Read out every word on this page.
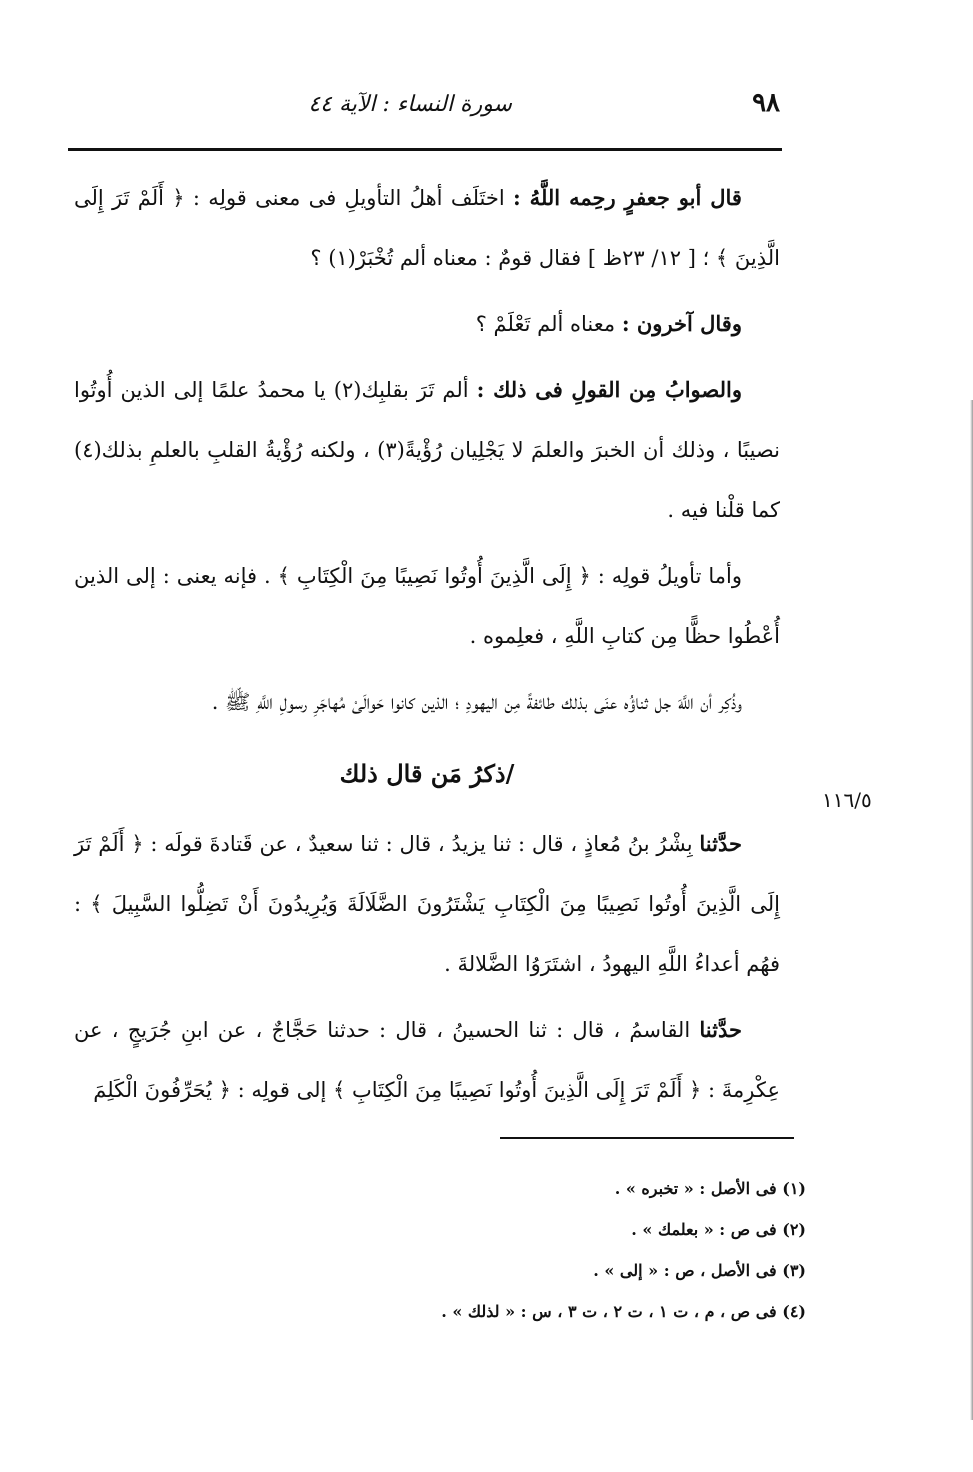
٩٨
سورة النساء : الآية ٤٤
١١٦/٥

قال أبو جعفرٍ رحِمه اللَّهُ : اختَلَف أهلُ التأويلِ فى معنى قولِه : ﴿ أَلَمْ تَرَ إِلَى الَّذِينَ ﴾ ؛ [ ١٢/ ٢٣ظ ] فقال قومٌ : معناه ألم تُخْبَرْ(١) ؟

وقال آخرون : معناه ألم تَعْلَمْ ؟

والصوابُ مِن القولِ فى ذلك : ألم تَرَ بقلبِك(٢) يا محمدُ علمًا إلى الذين أُوتُوا نصيبًا ، وذلك أن الخبرَ والعلمَ لا يَجْلِيان رُؤْيةً(٣) ، ولكنه رُؤْيةُ القلبِ بالعلمِ بذلك(٤) كما قلْنا فيه .

وأما تأويلُ قولِه : ﴿ إِلَى الَّذِينَ أُوتُوا نَصِيبًا مِنَ الْكِتَابِ ﴾ . فإنه يعنى : إلى الذين أُعْطُوا حظًّا مِن كتابِ اللَّهِ ، فعلِموه .

وذُكِر أن اللَّهَ جل ثناؤُه عنَى بذلك طائفةً مِن اليهودِ ؛ الذين كانوا حَوالَىْ مُهاجَرِ رسولِ اللَّهِ ﷺ .

/ذكرُ مَن قال ذلك

حدَّثنا بِشْرُ بنُ مُعاذٍ ، قال : ثنا يزيدُ ، قال : ثنا سعيدٌ ، عن قَتادةَ قولَه : ﴿ أَلَمْ تَرَ إِلَى الَّذِينَ أُوتُوا نَصِيبًا مِنَ الْكِتَابِ يَشْتَرُونَ الضَّلَالَةَ وَيُرِيدُونَ أَنْ تَضِلُّوا السَّبِيلَ ﴾ : فهُم أعداءُ اللَّهِ اليهودُ ، اشتَرَوُا الضَّلالةَ .

حدَّثنا القاسمُ ، قال : ثنا الحسينُ ، قال : حدثنا حَجَّاجٌ ، عن ابنِ جُرَيجٍ ، عن عِكْرِمةَ : ﴿ أَلَمْ تَرَ إِلَى الَّذِينَ أُوتُوا نَصِيبًا مِنَ الْكِتَابِ ﴾ إلى قولِه : ﴿ يُحَرِّفُونَ الْكَلِمَ

(١) فى الأصل : « تخبره » .
(٢) فى ص : « بعلمك » .
(٣) فى الأصل ، ص : « إلى » .
(٤) فى ص ، م ، ت ١ ، ت ٢ ، ت ٣ ، س : « لذلك » .
